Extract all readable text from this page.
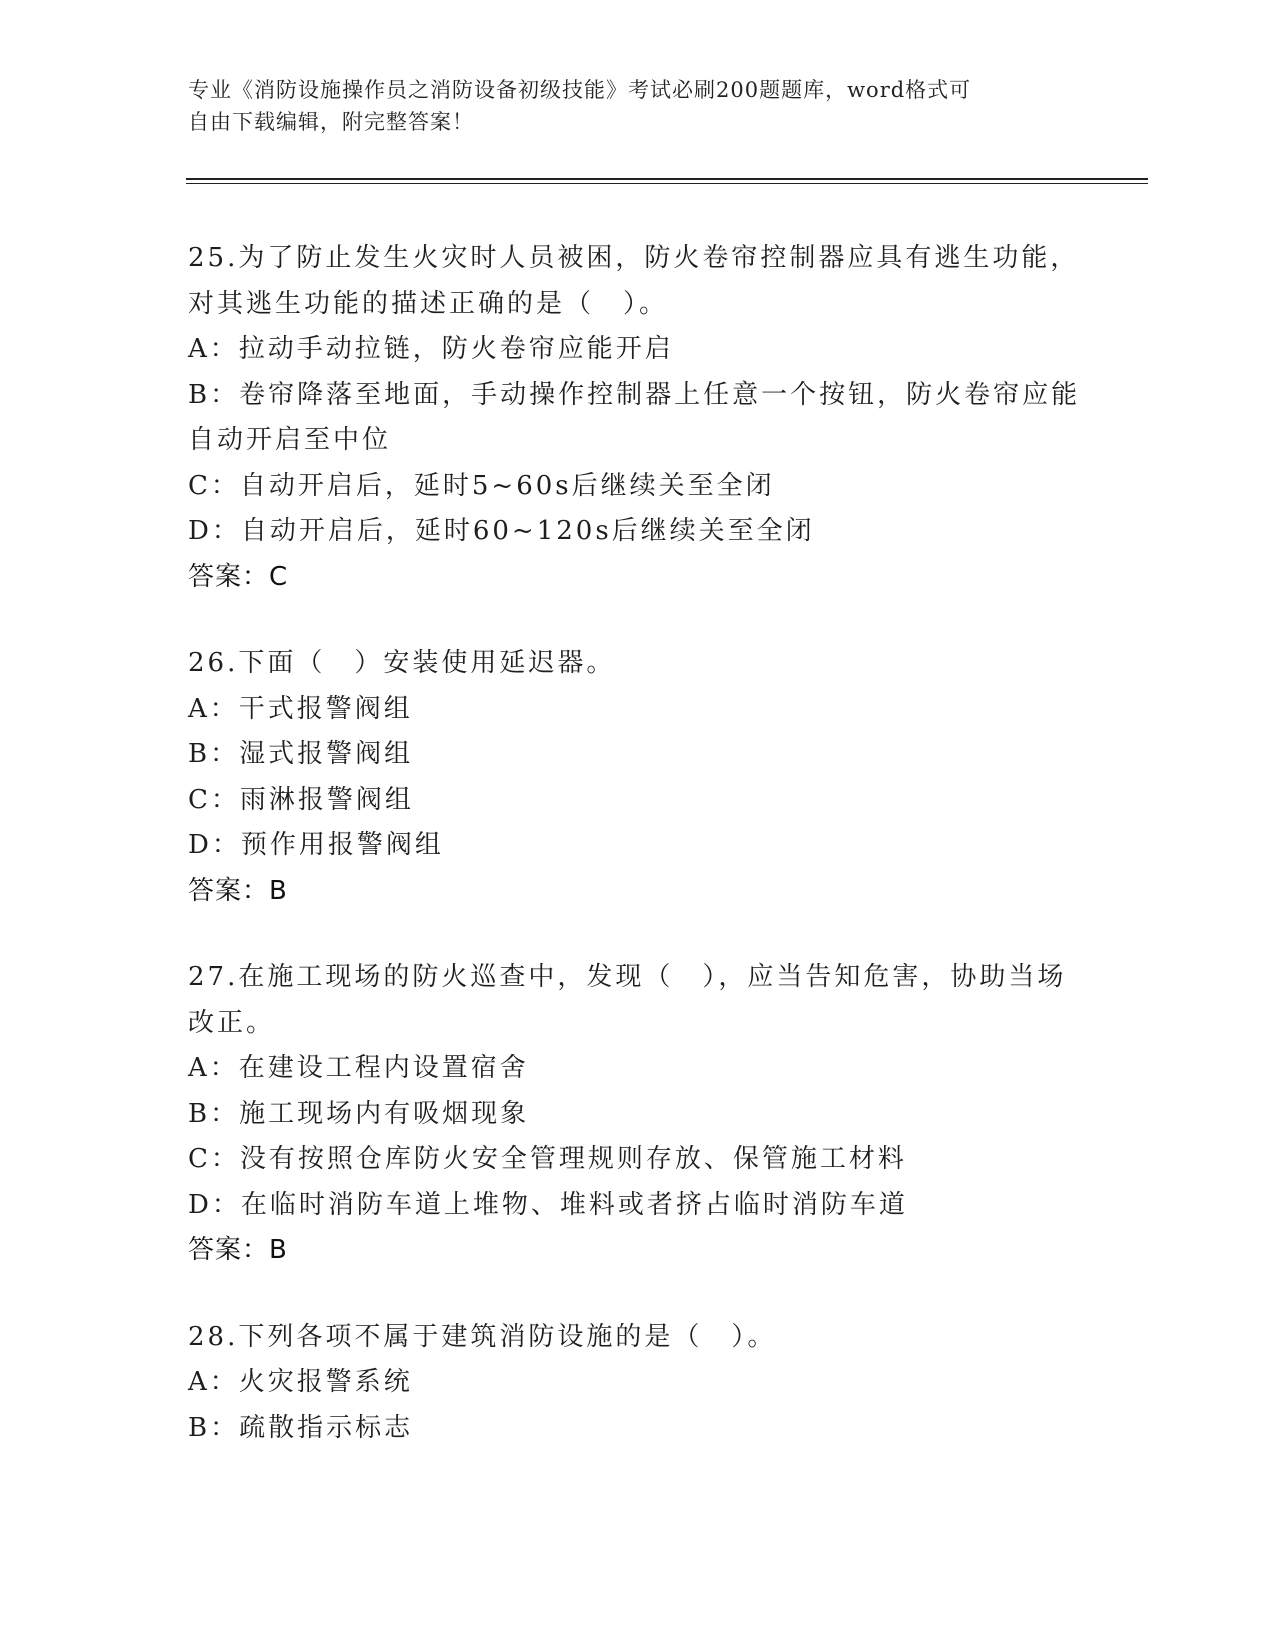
专业《消防设施操作员之消防设备初级技能》考试必刷200题题库，word格式可
自由下载编辑，附完整答案！
25.为了防止发生火灾时人员被困，防火卷帘控制器应具有逃生功能，
对其逃生功能的描述正确的是（　）。
A：拉动手动拉链，防火卷帘应能开启
B：卷帘降落至地面，手动操作控制器上任意一个按钮，防火卷帘应能
自动开启至中位
C：自动开启后，延时5~60s后继续关至全闭
D：自动开启后，延时60~120s后继续关至全闭
答案：C
26.下面（　）安装使用延迟器。
A：干式报警阀组
B：湿式报警阀组
C：雨淋报警阀组
D：预作用报警阀组
答案：B
27.在施工现场的防火巡查中，发现（　），应当告知危害，协助当场
改正。
A：在建设工程内设置宿舍
B：施工现场内有吸烟现象
C：没有按照仓库防火安全管理规则存放、保管施工材料
D：在临时消防车道上堆物、堆料或者挤占临时消防车道
答案：B
28.下列各项不属于建筑消防设施的是（　）。
A：火灾报警系统
B：疏散指示标志
